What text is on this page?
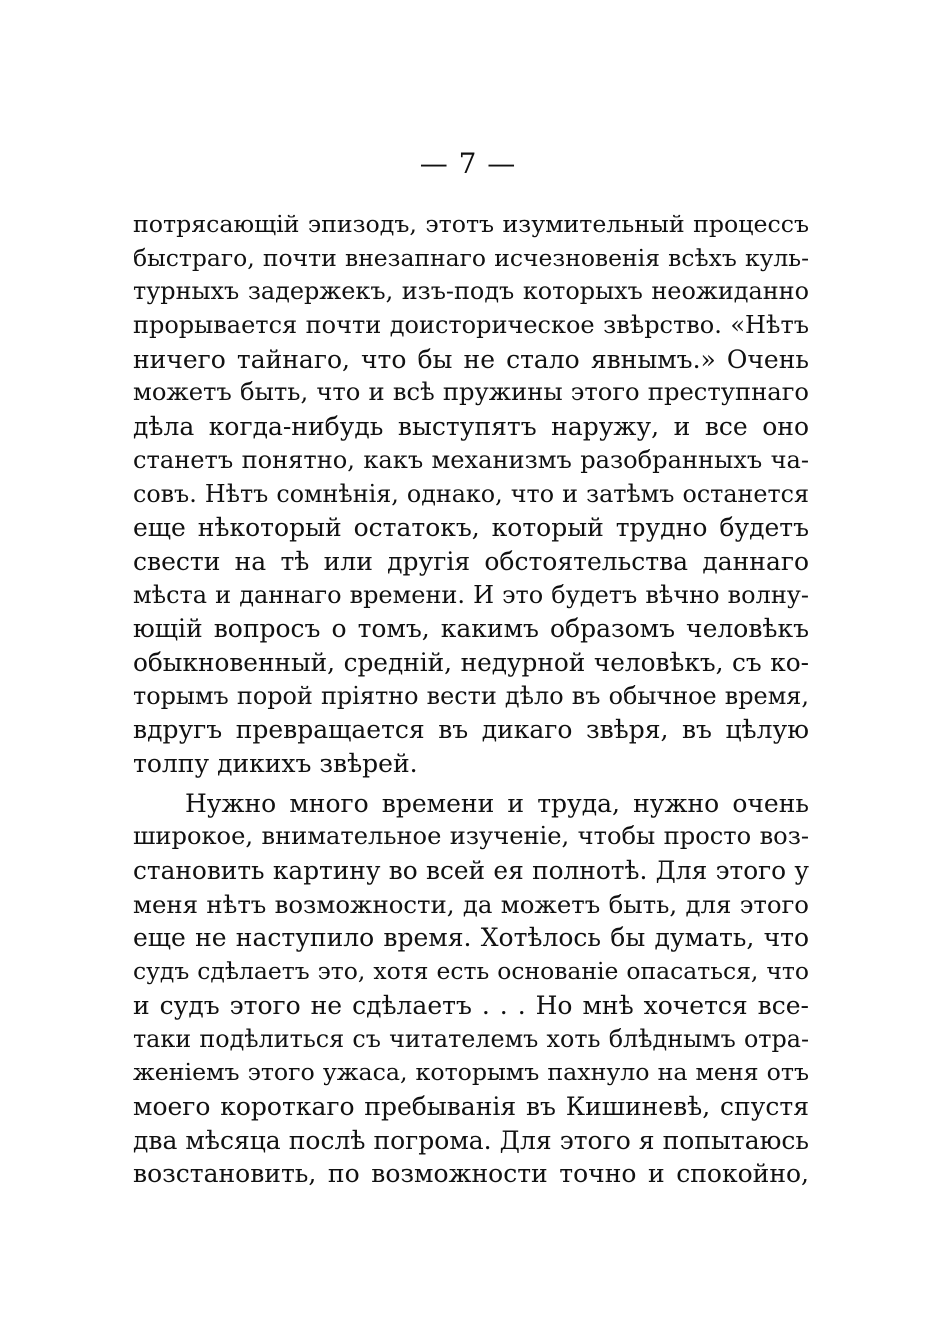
— 7 —
потрясающій эпизодъ, этотъ изумительный процессъ
быстраго, почти внезапнаго исчезновенія всѣхъ куль-
турныхъ задержекъ, изъ-подъ которыхъ неожиданно
прорывается почти доисторическое звѣрство. «Нѣтъ
ничего тайнаго, что бы не стало явнымъ.» Очень
можетъ быть, что и всѣ пружины этого преступнаго
дѣла когда-нибудь выступятъ наружу, и все оно
станетъ понятно, какъ механизмъ разобранныхъ ча-
совъ. Нѣтъ сомнѣнія, однако, что и затѣмъ останется
еще нѣкоторый остатокъ, который трудно будетъ
свести на тѣ или другія обстоятельства даннаго
мѣста и даннаго времени. И это будетъ вѣчно волну-
ющій вопросъ о томъ, какимъ образомъ человѣкъ
обыкновенный, средній, недурной человѣкъ, съ ко-
торымъ порой пріятно вести дѣло въ обычное время,
вдругъ превращается въ дикаго звѣря, въ цѣлую
толпу дикихъ звѣрей.
Нужно много времени и труда, нужно очень
широкое, внимательное изученіе, чтобы просто воз-
становить картину во всей ея полнотѣ. Для этого у
меня нѣтъ возможности, да можетъ быть, для этого
еще не наступило время. Хотѣлось бы думать, что
судъ сдѣлаетъ это, хотя есть основаніе опасаться, что
и судъ этого не сдѣлаетъ . . . Но мнѣ хочется все-
таки подѣлиться съ читателемъ хоть блѣднымъ отра-
женіемъ этого ужаса, которымъ пахнуло на меня отъ
моего короткаго пребыванія въ Кишиневѣ, спустя
два мѣсяца послѣ погрома. Для этого я попытаюсь
возстановить, по возможности точно и спокойно,
